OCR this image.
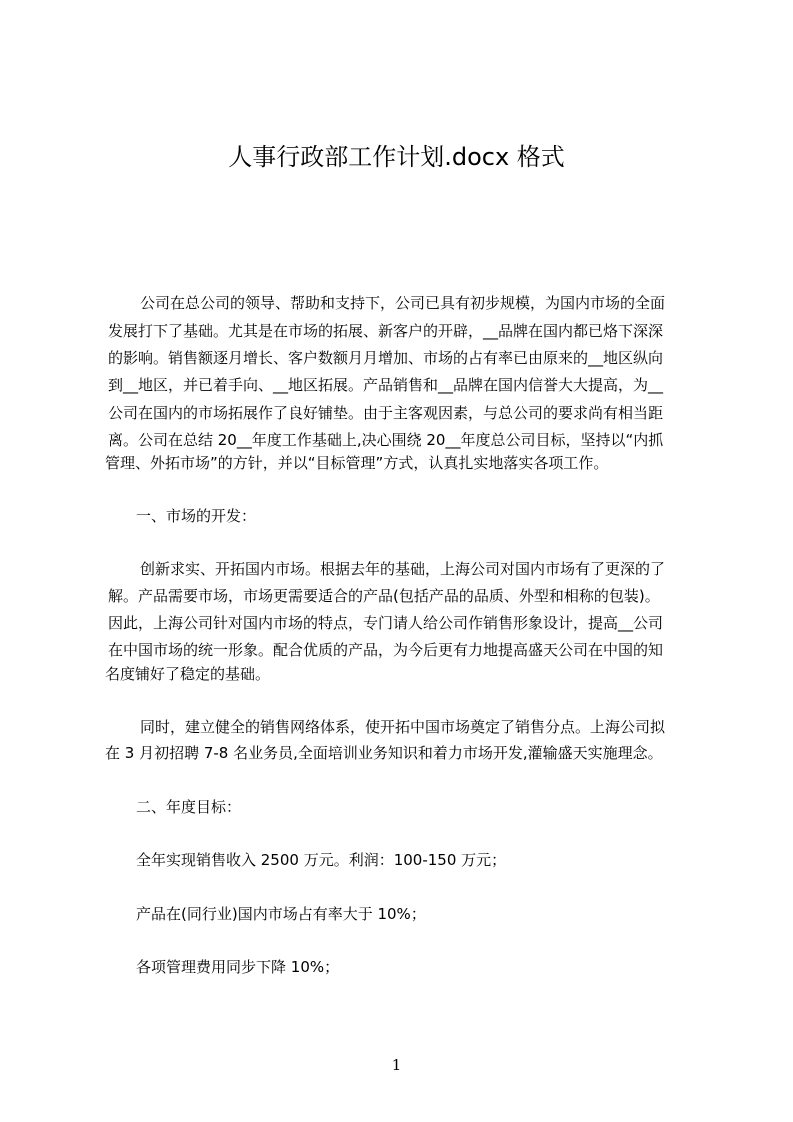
人事行政部工作计划.docx 格式
公司在总公司的领导、帮助和支持下，公司已具有初步规模，为国内市场的全面
发展打下了基础。尤其是在市场的拓展、新客户的开辟，__品牌在国内都已烙下深深
的影响。销售额逐月增长、客户数额月月增加、市场的占有率已由原来的__地区纵向
到__地区，并已着手向、__地区拓展。产品销售和__品牌在国内信誉大大提高，为__
公司在国内的市场拓展作了良好铺垫。由于主客观因素，与总公司的要求尚有相当距
离。公司在总结 20__年度工作基础上,决心围绕 20__年度总公司目标，坚持以“内抓
管理、外拓市场”的方针，并以“目标管理”方式，认真扎实地落实各项工作。
一、市场的开发：
创新求实、开拓国内市场。根据去年的基础，上海公司对国内市场有了更深的了
解。产品需要市场，市场更需要适合的产品(包括产品的品质、外型和相称的包装)。
因此，上海公司针对国内市场的特点，专门请人给公司作销售形象设计，提高__公司
在中国市场的统一形象。配合优质的产品，为今后更有力地提高盛天公司在中国的知
名度铺好了稳定的基础。
同时，建立健全的销售网络体系，使开拓中国市场奠定了销售分点。上海公司拟
在 3 月初招聘 7-8 名业务员,全面培训业务知识和着力市场开发,灌输盛天实施理念。
二、年度目标：
全年实现销售收入 2500 万元。利润：100-150 万元；
产品在(同行业)国内市场占有率大于 10%；
各项管理费用同步下降 10%；
1
